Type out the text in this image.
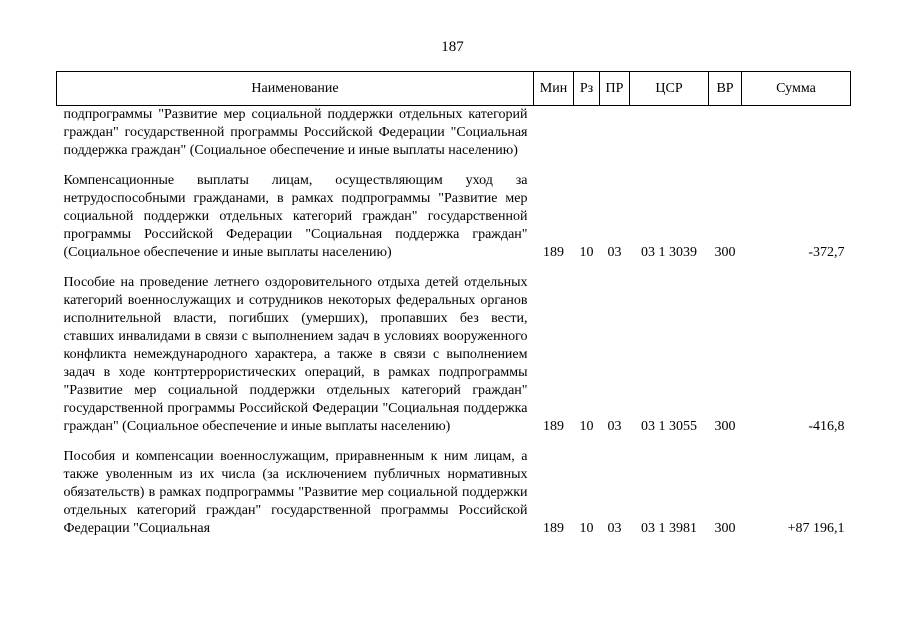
187
Наименование	Мин	Рз	ПР	ЦСР	ВР	Сумма
подпрограммы "Развитие мер социальной поддержки отдельных категорий граждан" государственной программы Российской Федерации "Социальная поддержка граждан" (Социальное обеспечение и иные выплаты населению)						

Компенсационные выплаты лицам, осуществляющим уход за нетрудоспособными гражданами, в рамках подпрограммы "Развитие мер социальной поддержки отдельных категорий граждан" государственной программы Российской Федерации "Социальная поддержка граждан" (Социальное обеспечение и иные выплаты населению)	189	10	03	03 1 3039	300	-372,7

Пособие на проведение летнего оздоровительного отдыха детей отдельных категорий военнослужащих и сотрудников некоторых федеральных органов исполнительной власти, погибших (умерших), пропавших без вести, ставших инвалидами в связи с выполнением задач в условиях вооруженного конфликта немеждународного характера, а также в связи с выполнением задач в ходе контртеррористических операций, в рамках подпрограммы "Развитие мер социальной поддержки отдельных категорий граждан" государственной программы Российской Федерации "Социальная поддержка граждан" (Социальное обеспечение и иные выплаты населению)	189	10	03	03 1 3055	300	-416,8

Пособия и компенсации военнослужащим, приравненным к ним лицам, а также уволенным из их числа (за исключением публичных нормативных обязательств) в рамках подпрограммы "Развитие мер социальной поддержки отдельных категорий граждан" государственной программы Российской Федерации "Социальная	189	10	03	03 1 3981	300	+87 196,1
